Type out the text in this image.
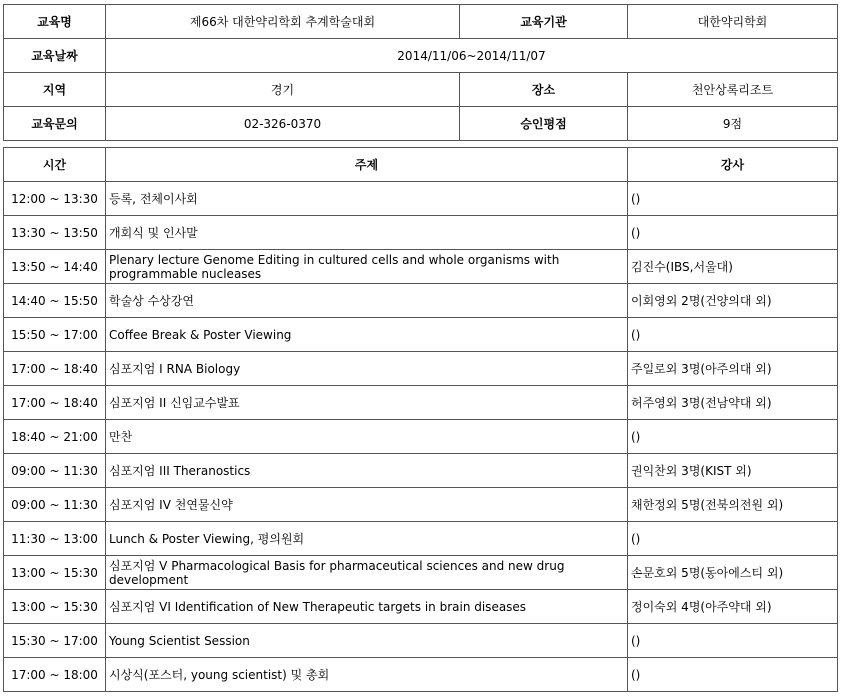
교육명	제66차 대한약리학회 추계학술대회	교육기관	대한약리학회
교육날짜	2014/11/06~2014/11/07		
지역	경기	장소	천안상록리조트
교육문의	02-326-0370	승인평점	9점
시간	주제	강사
12:00 ~ 13:30	등록, 전체이사회	()
13:30 ~ 13:50	개회식 및 인사말	()
13:50 ~ 14:40	Plenary lecture Genome Editing in cultured cells and whole organisms with programmable nucleases	김진수(IBS,서울대)
14:40 ~ 15:50	학술상 수상강연	이회영외 2명(건양의대 외)
15:50 ~ 17:00	Coffee Break & Poster Viewing	()
17:00 ~ 18:40	심포지엄 I RNA Biology	주일로외 3명(아주의대 외)
17:00 ~ 18:40	심포지엄 II 신임교수발표	허주영외 3명(전남약대 외)
18:40 ~ 21:00	만찬	()
09:00 ~ 11:30	심포지엄 III Theranostics	권익찬외 3명(KIST 외)
09:00 ~ 11:30	심포지엄 IV 천연물신약	채한정외 5명(전북의전원 외)
11:30 ~ 13:00	Lunch & Poster Viewing, 평의원회	()
13:00 ~ 15:30	심포지엄 V Pharmacological Basis for pharmaceutical sciences and new drug development	손문호외 5명(동아에스티 외)
13:00 ~ 15:30	심포지엄 VI Identification of New Therapeutic targets in brain diseases	정이숙외 4명(아주약대 외)
15:30 ~ 17:00	Young Scientist Session	()
17:00 ~ 18:00	시상식(포스터, young scientist) 및 총회	()
